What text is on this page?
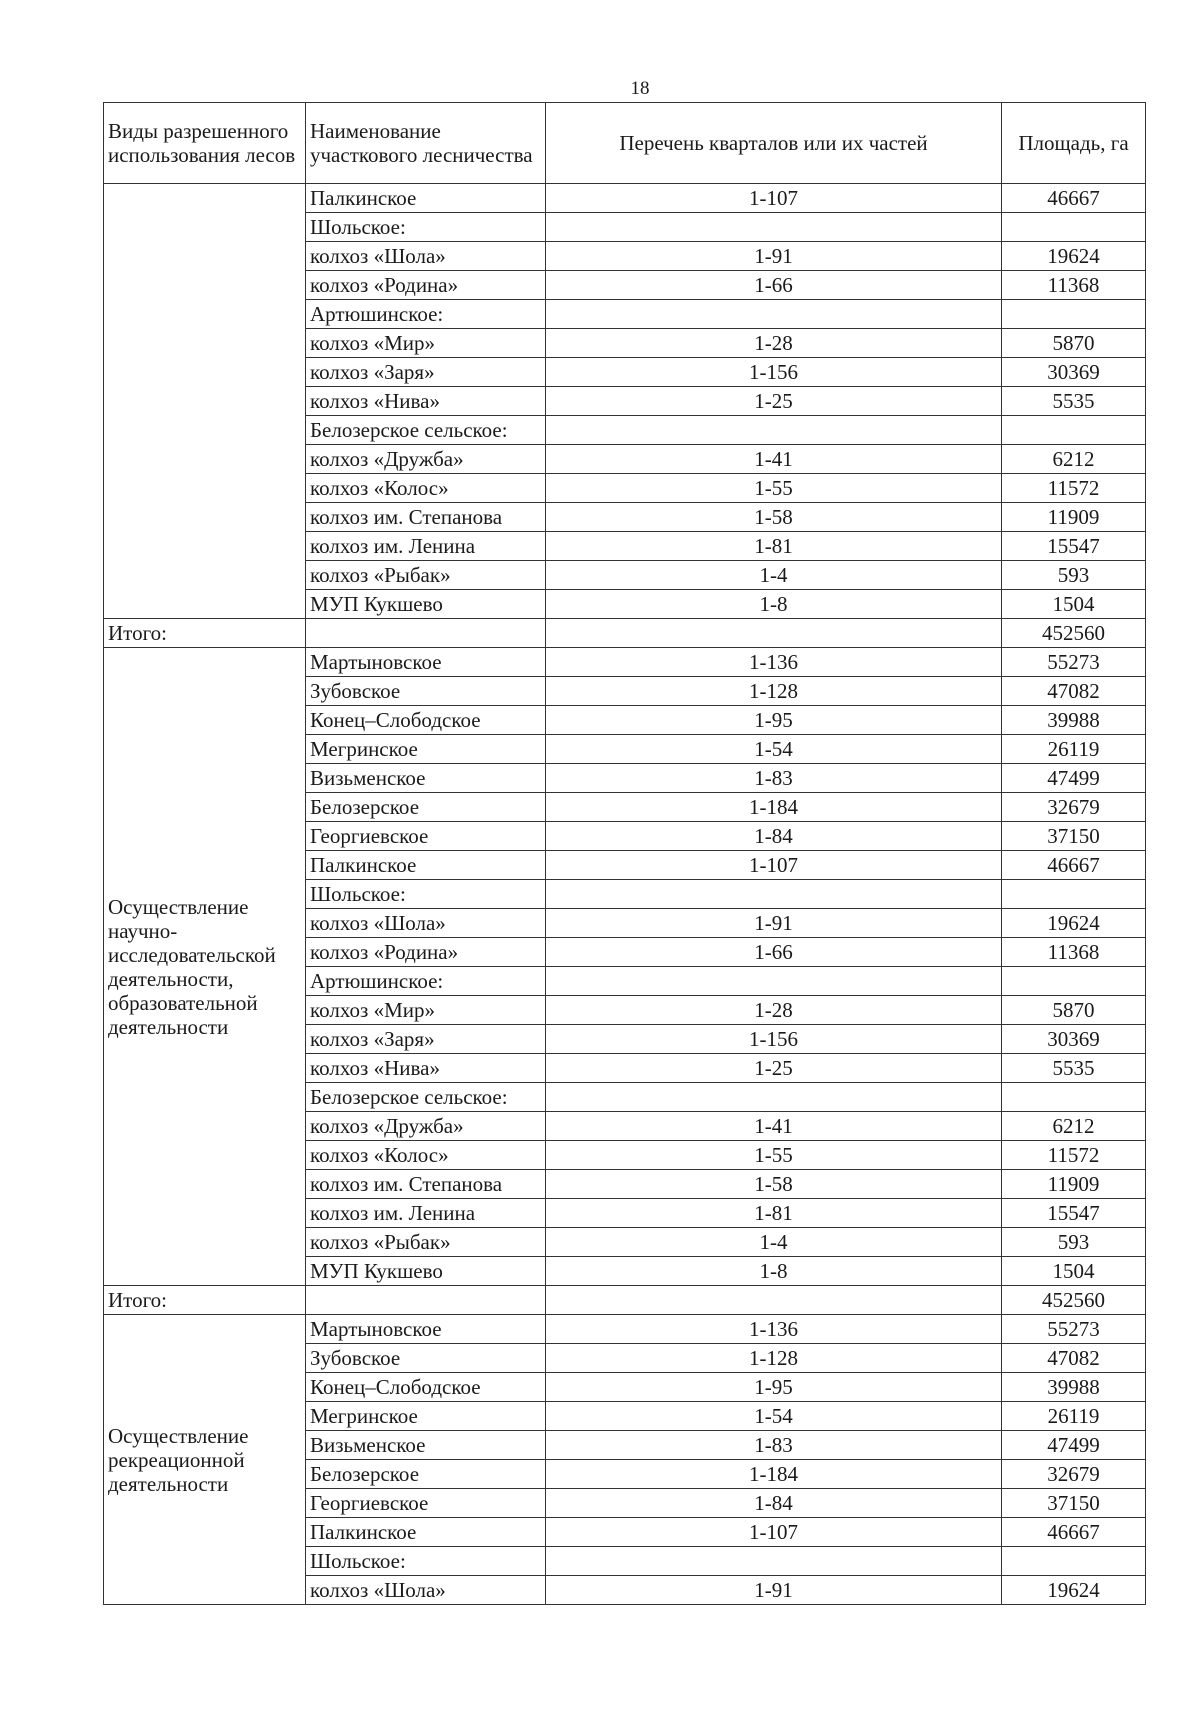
18
Виды разрешенного использования лесов	Наименование участкового лесничества	Перечень кварталов или их частей	Площадь, га
	Палкинское	1-107	46667
	Шольское:		
	колхоз «Шола»	1-91	19624
	колхоз «Родина»	1-66	11368
	Артюшинское:		
	колхоз «Мир»	1-28	5870
	колхоз «Заря»	1-156	30369
	колхоз «Нива»	1-25	5535
	Белозерское сельское:		
	колхоз «Дружба»	1-41	6212
	колхоз «Колос»	1-55	11572
	колхоз им. Степанова	1-58	11909
	колхоз им. Ленина	1-81	15547
	колхоз «Рыбак»	1-4	593
	МУП Кукшево	1-8	1504
Итого:			452560
Осуществление научно-исследовательской деятельности, образовательной деятельности	Мартыновское	1-136	55273
	Зубовское	1-128	47082
	Конец–Слободское	1-95	39988
	Мегринское	1-54	26119
	Визьменское	1-83	47499
	Белозерское	1-184	32679
	Георгиевское	1-84	37150
	Палкинское	1-107	46667
	Шольское:		
	колхоз «Шола»	1-91	19624
	колхоз «Родина»	1-66	11368
	Артюшинское:		
	колхоз «Мир»	1-28	5870
	колхоз «Заря»	1-156	30369
	колхоз «Нива»	1-25	5535
	Белозерское сельское:		
	колхоз «Дружба»	1-41	6212
	колхоз «Колос»	1-55	11572
	колхоз им. Степанова	1-58	11909
	колхоз им. Ленина	1-81	15547
	колхоз «Рыбак»	1-4	593
	МУП Кукшево	1-8	1504
Итого:			452560
Осуществление рекреационной деятельности	Мартыновское	1-136	55273
	Зубовское	1-128	47082
	Конец–Слободское	1-95	39988
	Мегринское	1-54	26119
	Визьменское	1-83	47499
	Белозерское	1-184	32679
	Георгиевское	1-84	37150
	Палкинское	1-107	46667
	Шольское:		
	колхоз «Шола»	1-91	19624
